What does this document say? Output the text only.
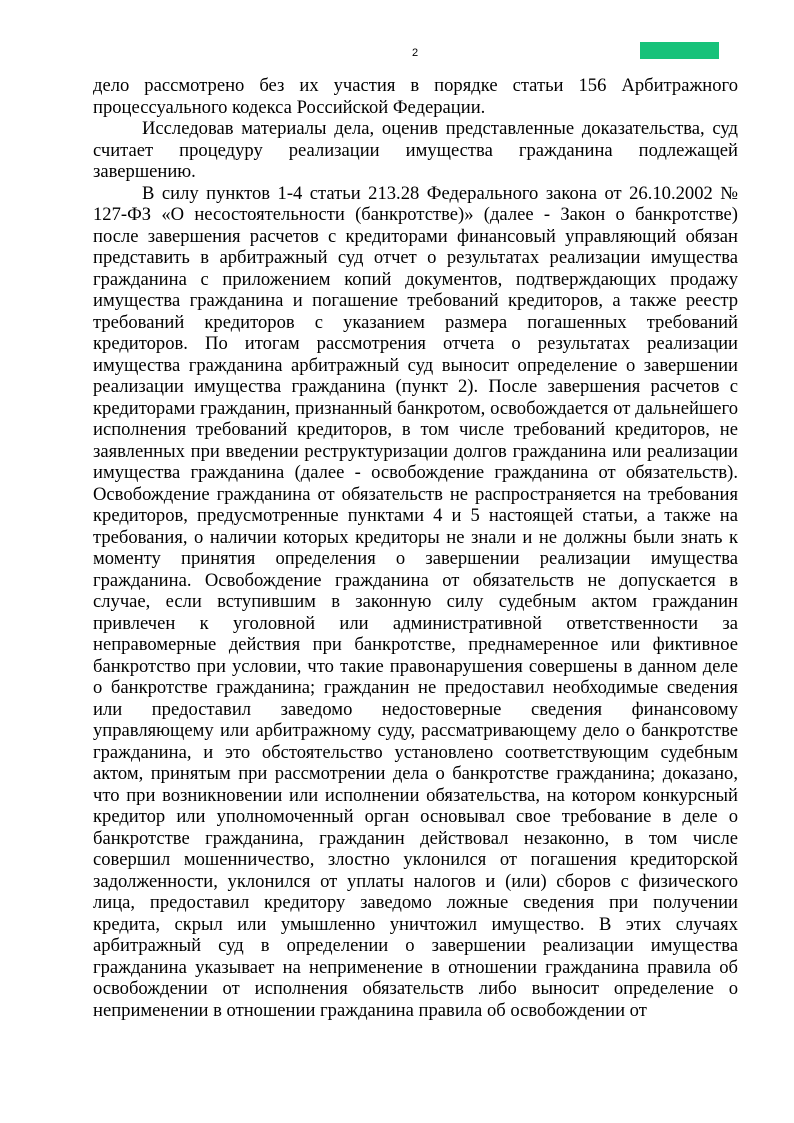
2

дело рассмотрено без их участия в порядке статьи 156 Арбитражного процессуального кодекса Российской Федерации.

Исследовав материалы дела, оценив представленные доказательства, суд считает процедуру реализации имущества гражданина подлежащей завершению.

В силу пунктов 1-4 статьи 213.28 Федерального закона от 26.10.2002 № 127-ФЗ «О несостоятельности (банкротстве)» (далее - Закон о банкротстве) после завершения расчетов с кредиторами финансовый управляющий обязан представить в арбитражный суд отчет о результатах реализации имущества гражданина с приложением копий документов, подтверждающих продажу имущества гражданина и погашение требований кредиторов, а также реестр требований кредиторов с указанием размера погашенных требований кредиторов. По итогам рассмотрения отчета о результатах реализации имущества гражданина арбитражный суд выносит определение о завершении реализации имущества гражданина (пункт 2). После завершения расчетов с кредиторами гражданин, признанный банкротом, освобождается от дальнейшего исполнения требований кредиторов, в том числе требований кредиторов, не заявленных при введении реструктуризации долгов гражданина или реализации имущества гражданина (далее - освобождение гражданина от обязательств). Освобождение гражданина от обязательств не распространяется на требования кредиторов, предусмотренные пунктами 4 и 5 настоящей статьи, а также на требования, о наличии которых кредиторы не знали и не должны были знать к моменту принятия определения о завершении реализации имущества гражданина. Освобождение гражданина от обязательств не допускается в случае, если вступившим в законную силу судебным актом гражданин привлечен к уголовной или административной ответственности за неправомерные действия при банкротстве, преднамеренное или фиктивное банкротство при условии, что такие правонарушения совершены в данном деле о банкротстве гражданина; гражданин не предоставил необходимые сведения или предоставил заведомо недостоверные сведения финансовому управляющему или арбитражному суду, рассматривающему дело о банкротстве гражданина, и это обстоятельство установлено соответствующим судебным актом, принятым при рассмотрении дела о банкротстве гражданина; доказано, что при возникновении или исполнении обязательства, на котором конкурсный кредитор или уполномоченный орган основывал свое требование в деле о банкротстве гражданина, гражданин действовал незаконно, в том числе совершил мошенничество, злостно уклонился от погашения кредиторской задолженности, уклонился от уплаты налогов и (или) сборов с физического лица, предоставил кредитору заведомо ложные сведения при получении кредита, скрыл или умышленно уничтожил имущество. В этих случаях арбитражный суд в определении о завершении реализации имущества гражданина указывает на неприменение в отношении гражданина правила об освобождении от исполнения обязательств либо выносит определение о неприменении в отношении гражданина правила об освобождении от
